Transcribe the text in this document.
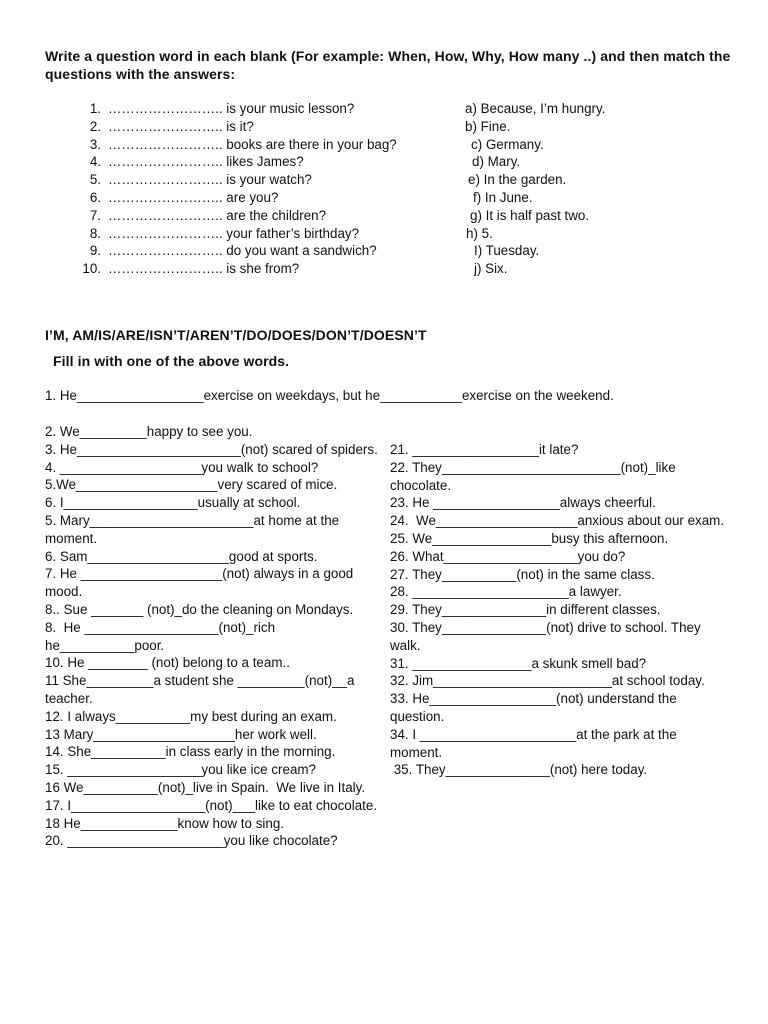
Write a question word in each blank (For example: When, How, Why, How many ..) and then match the questions with the answers:
1. …………………….. is your music lesson?	a) Because, I’m hungry.
2. …………………….. is it?	b) Fine.
3. …………………….. books are there in your bag?	c) Germany.
4. …………………….. likes James?	d) Mary.
5. …………………….. is your watch?	e) In the garden.
6. …………………….. are you?	f) In June.
7. …………………….. are the children?	g) It is half past two.
8. …………………….. your father’s birthday?	h) 5.
9. …………………….. do you want a sandwich?	I) Tuesday.
10. …………………….. is she from?	j) Six.
I’M, AM/IS/ARE/ISN’T/AREN’T/DO/DOES/DON’T/DOESN’T
Fill in with one of the above words.
1. He_________________exercise on weekdays, but he___________exercise on the weekend.

2. We_________happy to see you.

3. He______________________(not) scared of spiders.

4. ___________________you walk to school?

5.We___________________very scared of mice.

6. I__________________usually at school.

5. Mary______________________at home at the moment.

6. Sam___________________good at sports.

7. He ___________________(not) always in a good mood.

8.. Sue _______ (not)_do the cleaning on Mondays.

8.  He __________________(not)_rich he__________poor.

10. He ________ (not) belong to a team..

11 She_________a student she _________(not)__a teacher.

12. I always__________my best during an exam.

13 Mary___________________her work well.

14. She__________in class early in the morning.

15. __________________you like ice cream?

16 We__________(not)_live in Spain.  We live in Italy.

17. I__________________(not)___like to eat chocolate.

18 He_____________know how to sing.

20. _____________________you like chocolate?

21. _________________it late?

22. They________________________(not)_like chocolate.

23. He _________________always cheerful.

24.  We___________________anxious about our exam.

25. We________________busy this afternoon.

26. What__________________you do?

27. They__________(not) in the same class.

28. _____________________a lawyer.

29. They______________in different classes.

30. They______________(not) drive to school. They walk.

31. ________________a skunk smell bad?

32. Jim________________________at school today.

33. He_________________(not) understand the question.

34. I _____________________at the park at the moment.

35. They______________(not) here today.
